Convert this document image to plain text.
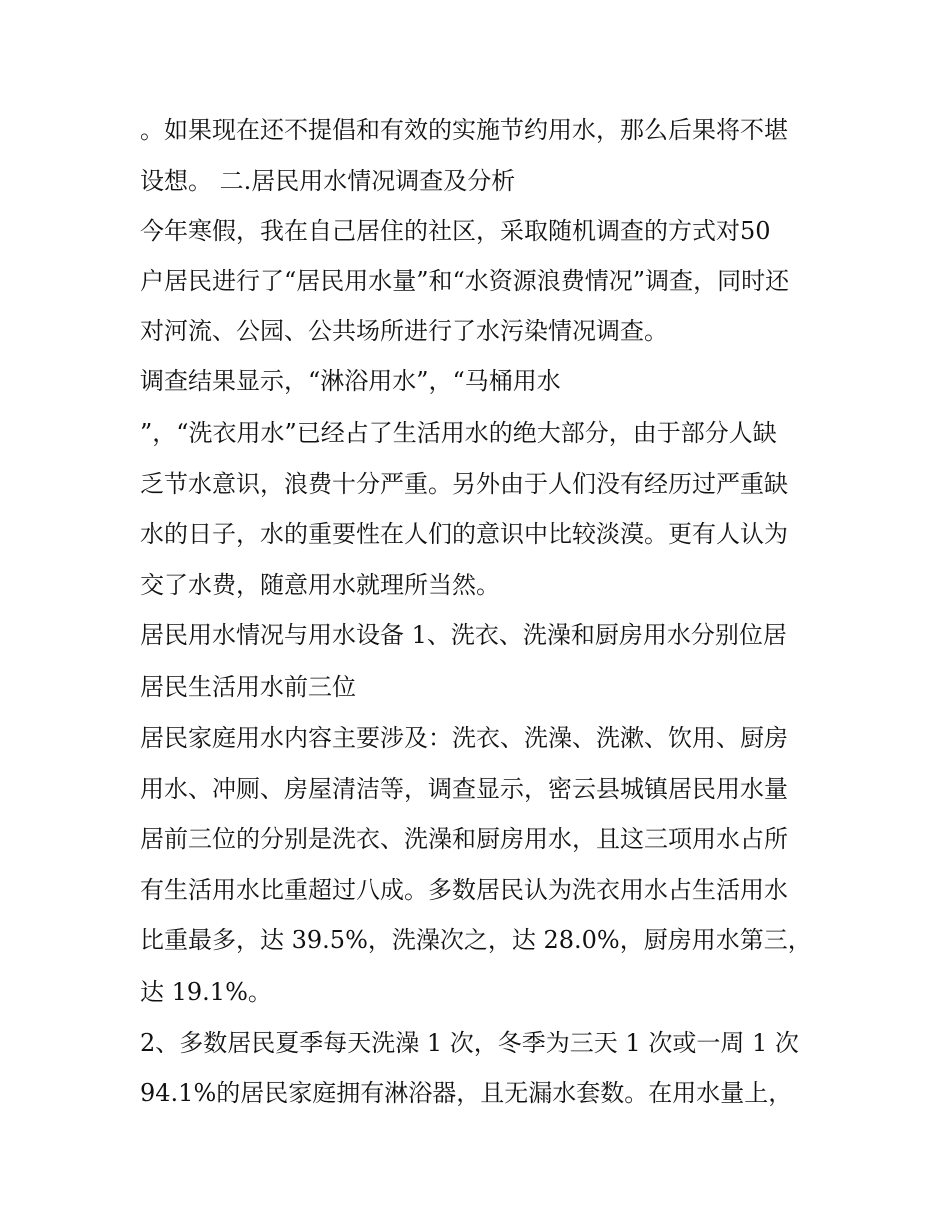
。如果现在还不提倡和有效的实施节约用水，那么后果将不堪
设想。 二.居民用水情况调查及分析
今年寒假，我在自己居住的社区，采取随机调查的方式对50
户居民进行了“居民用水量”和“水资源浪费情况”调查，同时还
对河流、公园、公共场所进行了水污染情况调查。
调查结果显示，“淋浴用水”，“马桶用水
”，“洗衣用水”已经占了生活用水的绝大部分，由于部分人缺
乏节水意识，浪费十分严重。另外由于人们没有经历过严重缺
水的日子，水的重要性在人们的意识中比较淡漠。更有人认为
交了水费，随意用水就理所当然。
居民用水情况与用水设备 1、洗衣、洗澡和厨房用水分别位居
居民生活用水前三位
居民家庭用水内容主要涉及：洗衣、洗澡、洗漱、饮用、厨房
用水、冲厕、房屋清洁等，调查显示，密云县城镇居民用水量
居前三位的分别是洗衣、洗澡和厨房用水，且这三项用水占所
有生活用水比重超过八成。多数居民认为洗衣用水占生活用水
比重最多，达 39.5%，洗澡次之，达 28.0%，厨房用水第三，
达 19.1%。
2、多数居民夏季每天洗澡 1 次，冬季为三天 1 次或一周 1 次
94.1%的居民家庭拥有淋浴器，且无漏水套数。在用水量上，
